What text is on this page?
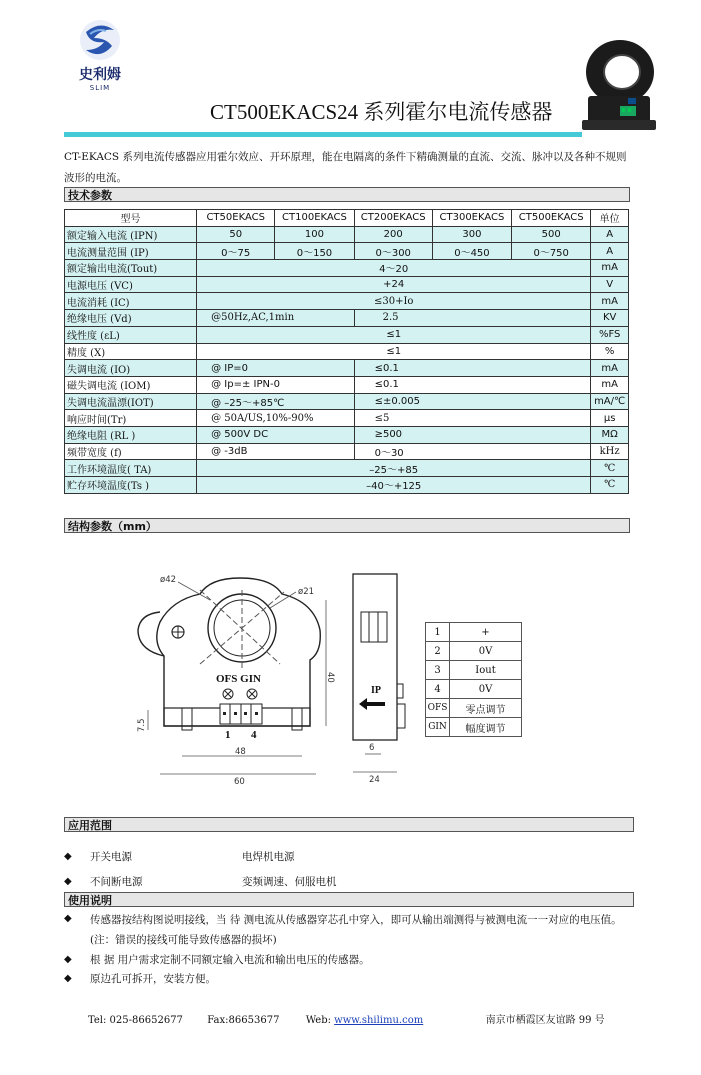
史利姆
SLIM
CT500EKACS24 系列霍尔电流传感器
CT-EKACS 系列电流传感器应用霍尔效应、开环原理，能在电隔离的条件下精确测量的直流、交流、脉冲以及各种不规则波形的电流。
技术参数
型号	CT50EKACS	CT100EKACS	CT200EKACS	CT300EKACS	CT500EKACS	单位
额定输入电流 (IPN)	50	100	200	300	500	A
电流测量范围 (IP)	0～75	0～150	0～300	0～450	0～750	A
额定输出电流(Tout)	4～20					mA
电源电压 (VC)	+24					V
电流消耗 (IC)	≤30+Io					mA
绝缘电压 (Vd)	@50Hz,AC,1min		2.5			KV
线性度 (εL)	≤1					%FS
精度 (X)	≤1					%
失调电流 (IO)	@ IP=0		≤0.1			mA
磁失调电流 (IOM)	@ Ip=± IPN-0		≤0.1			mA
失调电流温漂(IOT)	@ –25～+85℃		≤±0.005			mA/℃
响应时间(Tr)	@ 50A/US,10%-90%		≤5			μs
绝缘电阻 (RL )	@ 500V DC		≥500			MΩ
频带宽度 (f)	@ -3dB		0～30			kHz
工作环境温度( TA)	–25～+85					℃
贮存环境温度(Ts )	–40～+125					℃
结构参数（mm）
OFS GIN
1 4
ø42
ø21
40
7.5
48
60
IP
6
24
1	+
2	0V
3	Iout
4	0V
OFS	零点调节
GIN	幅度调节
应用范围
◆	开关电源	电焊机电源
◆	不间断电源	变频调速、伺服电机
使用说明
◆	传感器按结构图说明接线，当 待 测电流从传感器穿芯孔中穿入，即可从输出端测得与被测电流一一对应的电压值。(注：错误的接线可能导致传感器的损坏)
◆	根 据 用户需求定制不同额定输入电流和输出电压的传感器。
◆	原边孔可拆开，安装方便。
Tel: 025-86652677 Fax:86653677	Web: www.shilimu.com	南京市栖霞区友谊路 99 号
